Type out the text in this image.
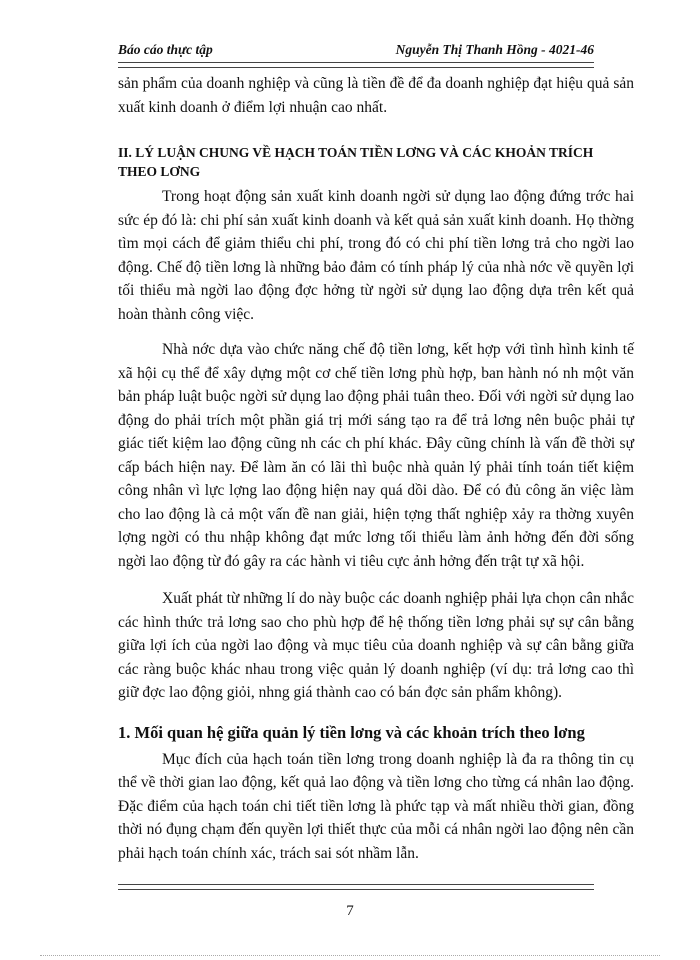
Báo cáo thực tập	Nguyễn Thị Thanh Hồng - 4021-46

sản phẩm của doanh nghiệp và cũng là tiền đề để đa doanh nghiệp đạt hiệu quả sản xuất kinh doanh ở điểm lợi nhuận cao nhất.

II. LÝ LUẬN CHUNG VỀ HẠCH TOÁN TIỀN LƠNG VÀ CÁC KHOẢN TRÍCH THEO LƠNG

Trong hoạt động sản xuất kinh doanh ngời sử dụng lao động đứng trớc hai sức ép đó là: chi phí sản xuất kinh doanh và kết quả sản xuất kinh doanh. Họ thờng tìm mọi cách để giảm thiểu chi phí, trong đó có chi phí tiền lơng trả cho ngời lao động. Chế độ tiền lơng là những bảo đảm có tính pháp lý của nhà nớc về quyền lợi tối thiểu mà ngời lao động đợc hởng từ ngời sử dụng lao động dựa trên kết quả hoàn thành công việc.

Nhà nớc dựa vào chức năng chế độ tiền lơng, kết hợp với tình hình kinh tế xã hội cụ thể để xây dựng một cơ chế tiền lơng phù hợp, ban hành nó nh một văn bản pháp luật buộc ngời sử dụng lao động phải tuân theo. Đối với ngời sử dụng lao động do phải trích một phần giá trị mới sáng tạo ra để trả lơng nên buộc phải tự giác tiết kiệm lao động cũng nh các ch phí khác. Đây cũng chính là vấn đề thời sự cấp bách hiện nay. Để làm ăn có lãi thì buộc nhà quản lý phải tính toán tiết kiệm công nhân vì lực lợng lao động hiện nay quá dồi dào. Để có đủ công ăn việc làm cho lao động là cả một vấn đề nan giải, hiện tợng thất nghiệp xảy ra thờng xuyên lợng ngời có thu nhập không đạt mức lơng tối thiểu làm ảnh hởng đến đời sống ngời lao động từ đó gây ra các hành vi tiêu cực ảnh hởng đến trật tự xã hội.

Xuất phát từ những lí do này buộc các doanh nghiệp phải lựa chọn cân nhắc các hình thức trả lơng sao cho phù hợp để hệ thống tiền lơng phải sự sự cân bằng giữa lợi ích của ngời lao động và mục tiêu của doanh nghiệp và sự cân bằng giữa các ràng buộc khác nhau trong việc quản lý doanh nghiệp (ví dụ: trả lơng cao thì giữ đợc lao động giỏi, nhng giá thành cao có bán đợc sản phẩm không).

1. Mối quan hệ giữa quản lý tiền lơng và các khoản trích theo lơng

Mục đích của hạch toán tiền lơng trong doanh nghiệp là đa ra thông tin cụ thể về thời gian lao động, kết quả lao động và tiền lơng cho từng cá nhân lao động. Đặc điểm của hạch toán chi tiết tiền lơng là phức tạp và mất nhiều thời gian, đồng thời nó đụng chạm đến quyền lợi thiết thực của mỗi cá nhân ngời lao động nên cần phải hạch toán chính xác, trách sai sót nhầm lẫn.

7
